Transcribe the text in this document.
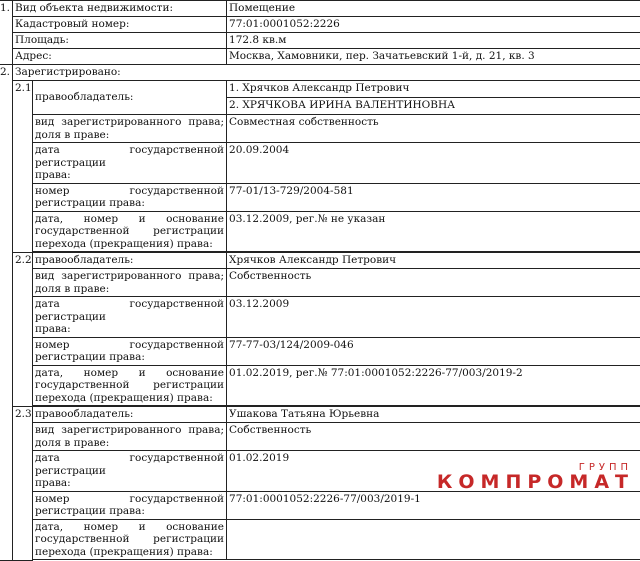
1.	Вид объекта недвижимости:		Помещение
	Кадастровый номер:		77:01:0001052:2226
	Площадь:		172.8 кв.м
	Адрес:		Москва, Хамовники, пер. Зачатьевский 1-й, д. 21, кв. 3
2.	Зарегистрировано:		
	2.1	правообладатель:	1. Хрячков Александр Петрович
			2. ХРЯЧКОВА ИРИНА ВАЛЕНТИНОВНА

		вид зарегистрированного права;
доля в праве:	Совместная собственность

		дата государственной регистрации
права:	20.09.2004

		номер государственной
регистрации права:	77-01/13-729/2004-581

		дата, номер и основание
государственной регистрации
перехода (прекращения) права:	03.12.2009, рег.№ не указан

	2.2	правообладатель:	Хрячков Александр Петрович

		вид зарегистрированного права;
доля в праве:	Собственность

		дата государственной регистрации
права:	03.12.2009

		номер государственной
регистрации права:	77-77-03/124/2009-046

		дата, номер и основание
государственной регистрации
перехода (прекращения) права:	01.02.2019, рег.№ 77:01:0001052:2226-77/003/2019-2

	2.3	правообладатель:	Ушакова Татьяна Юрьевна

		вид зарегистрированного права;
доля в праве:	Собственность

		дата государственной регистрации
права:	01.02.2019

		номер государственной
регистрации права:	77:01:0001052:2226-77/003/2019-1

		дата, номер и основание
государственной регистрации
перехода (прекращения) права:	

ГРУПП
КОМПРОМАТ
